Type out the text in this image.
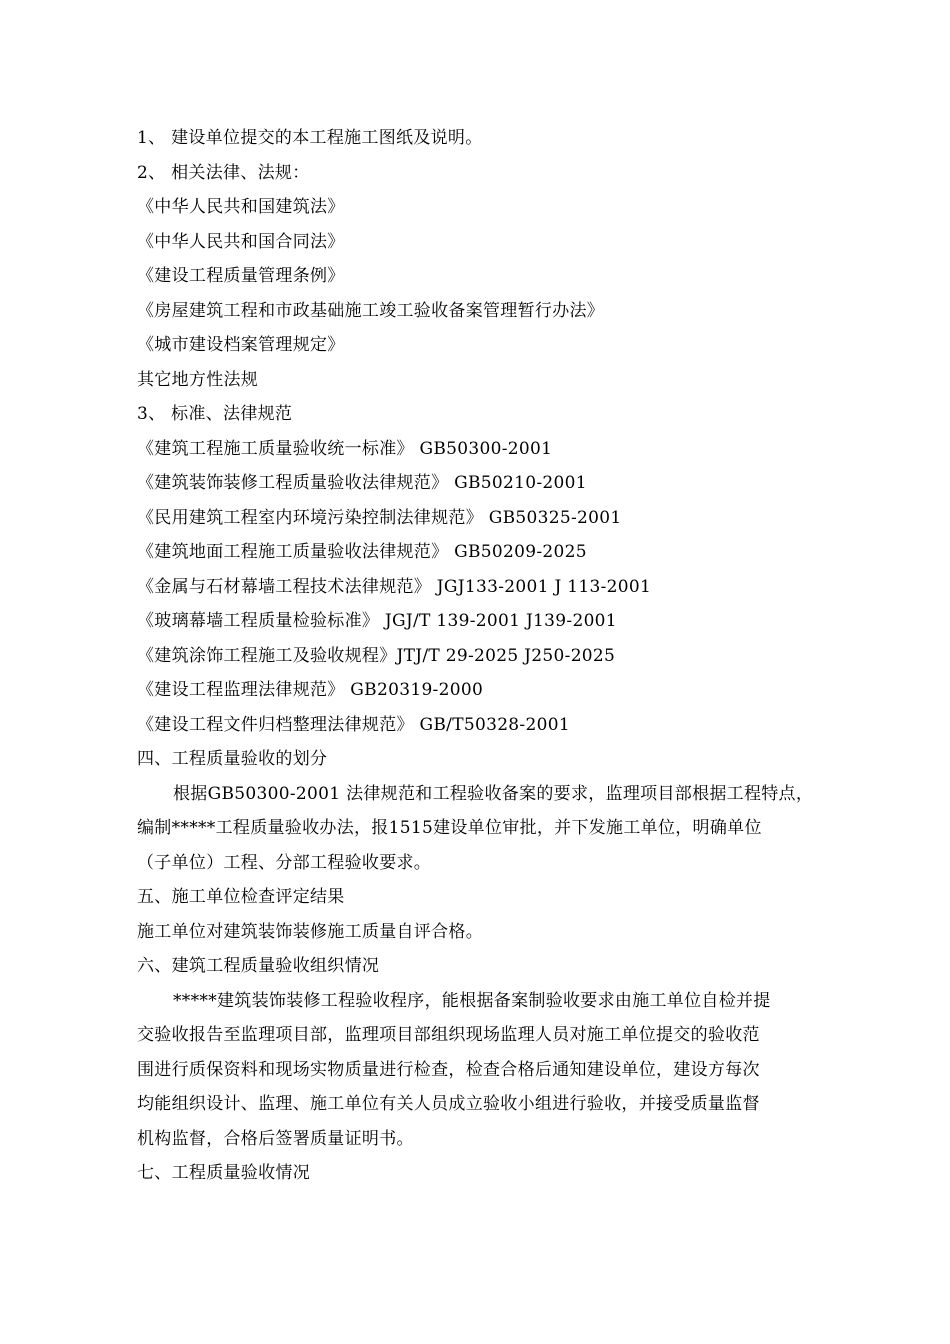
1、 建设单位提交的本工程施工图纸及说明。
2、 相关法律、法规：
《中华人民共和国建筑法》
《中华人民共和国合同法》
《建设工程质量管理条例》
《房屋建筑工程和市政基础施工竣工验收备案管理暂行办法》
《城市建设档案管理规定》
其它地方性法规
3、 标准、法律规范
《建筑工程施工质量验收统一标准》 GB50300-2001
《建筑装饰装修工程质量验收法律规范》 GB50210-2001
《民用建筑工程室内环境污染控制法律规范》 GB50325-2001
《建筑地面工程施工质量验收法律规范》 GB50209-2025
《金属与石材幕墙工程技术法律规范》 JGJ133-2001 J 113-2001
《玻璃幕墙工程质量检验标准》 JGJ/T 139-2001 J139-2001
《建筑涂饰工程施工及验收规程》JTJ/T 29-2025 J250-2025
《建设工程监理法律规范》 GB20319-2000
《建设工程文件归档整理法律规范》 GB/T50328-2001
四、工程质量验收的划分
根据GB50300-2001 法律规范和工程验收备案的要求，监理项目部根据工程特点，
编制*****工程质量验收办法，报1515建设单位审批，并下发施工单位，明确单位
（子单位）工程、分部工程验收要求。
五、施工单位检查评定结果
施工单位对建筑装饰装修施工质量自评合格。
六、建筑工程质量验收组织情况
*****建筑装饰装修工程验收程序，能根据备案制验收要求由施工单位自检并提
交验收报告至监理项目部，监理项目部组织现场监理人员对施工单位提交的验收范
围进行质保资料和现场实物质量进行检查，检查合格后通知建设单位，建设方每次
均能组织设计、监理、施工单位有关人员成立验收小组进行验收，并接受质量监督
机构监督，合格后签署质量证明书。
七、工程质量验收情况
